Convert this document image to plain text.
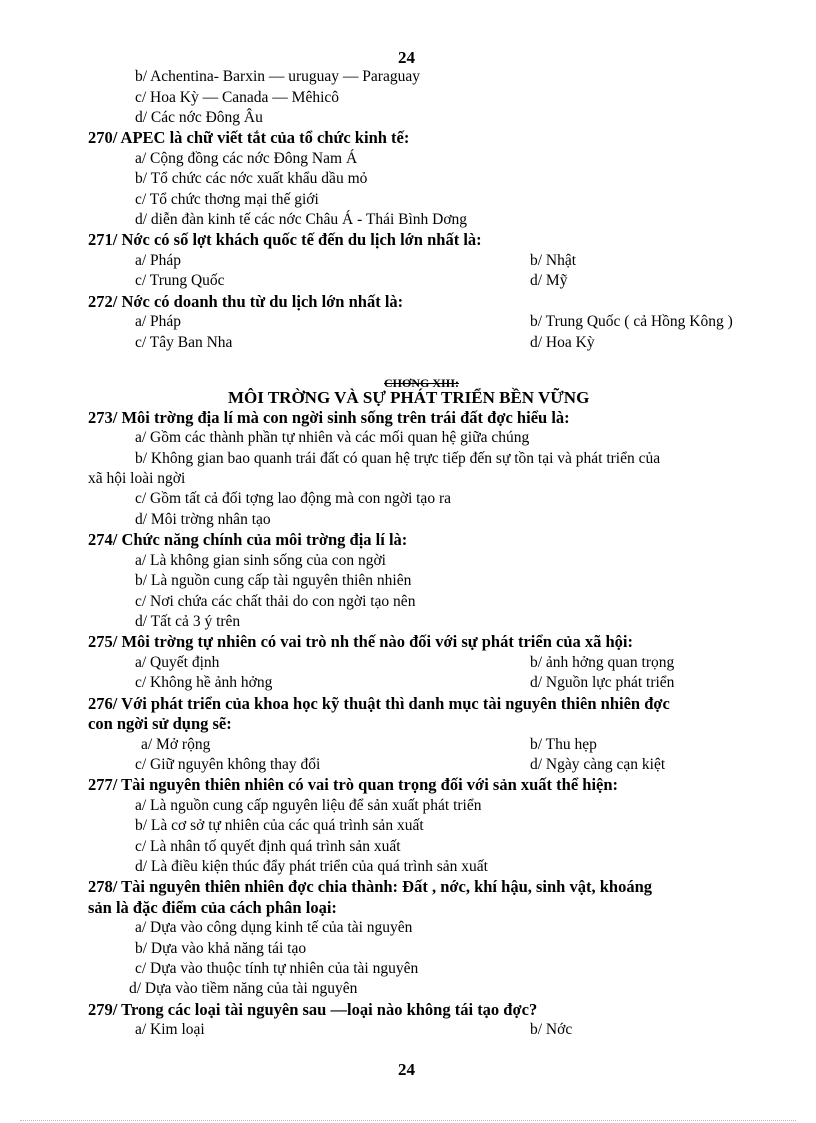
24
b/ Achentina- Barxin — uruguay — Paraguay
c/ Hoa Kỳ — Canada — Mêhicô
d/ Các nớc Đông Âu
270/ APEC là chữ viết tắt của tổ chức kinh tế:
a/ Cộng đồng các nớc Đông Nam Á
b/ Tổ chức các nớc xuất khẩu dầu mỏ
c/ Tổ chức thơng mại thế giới
d/ diễn đàn kinh tế các nớc Châu Á - Thái Bình Dơng
271/ Nớc có số lợt khách quốc tế đến du lịch lớn nhất là:
a/ Pháp	b/ Nhật
c/ Trung Quốc	d/ Mỹ
272/ Nớc có doanh thu từ du lịch lớn nhất là:
a/ Pháp	b/ Trung Quốc ( cả Hồng Kông )
c/ Tây Ban Nha	d/ Hoa Kỳ
CHƠNG XIII:
MÔI TRỜNG VÀ SỰ PHÁT TRIỂN BỀN VỮNG
273/ Môi trờng địa lí mà con ngời sinh sống trên trái đất đợc hiểu là:
a/ Gồm các thành phần tự nhiên và các mối quan hệ giữa chúng
b/ Không gian bao quanh trái đất có quan hệ trực tiếp đến sự tồn tại và phát triển của
xã hội loài ngời
c/ Gồm tất cả đối tợng lao động mà con ngời tạo ra
d/ Môi trờng nhân tạo
274/ Chức năng chính của môi trờng địa lí là:
a/ Là không gian sinh sống của con ngời
b/ Là nguồn cung cấp tài nguyên thiên nhiên
c/ Nơi chứa các chất thải do con ngời tạo nên
d/ Tất cả 3 ý trên
275/ Môi trờng tự nhiên có vai trò nh thế nào đối với sự phát triển của xã hội:
a/ Quyết định	b/ ảnh hởng quan trọng
c/ Không hề ảnh hởng	d/ Nguồn lực phát triển
276/ Với phát triển của khoa học kỹ thuật thì danh mục tài nguyên thiên nhiên đợc
con ngời sử dụng sẽ:
a/ Mở rộng	b/ Thu hẹp
c/ Giữ nguyên không thay đổi	d/ Ngày càng cạn kiệt
277/ Tài nguyên thiên nhiên có vai trò quan trọng đối với sản xuất thể hiện:
a/ Là nguồn cung cấp nguyên liệu để sản xuất phát triển
b/ Là cơ sở tự nhiên của các quá trình sản xuất
c/ Là nhân tố quyết định quá trình sản xuất
d/ Là điều kiện thúc đẩy phát triển của quá trình sản xuất
278/ Tài nguyên thiên nhiên đợc chia thành: Đất , nớc, khí hậu, sinh vật, khoáng
sản là đặc điểm của cách phân loại:
a/ Dựa vào công dụng kinh tế của tài nguyên
b/ Dựa vào khả năng tái tạo
c/ Dựa vào thuộc tính tự nhiên của tài nguyên
d/ Dựa vào tiềm năng của tài nguyên
279/ Trong các loại tài nguyên sau —loại nào không tái tạo đợc?
a/ Kim loại	b/ Nớc
24
